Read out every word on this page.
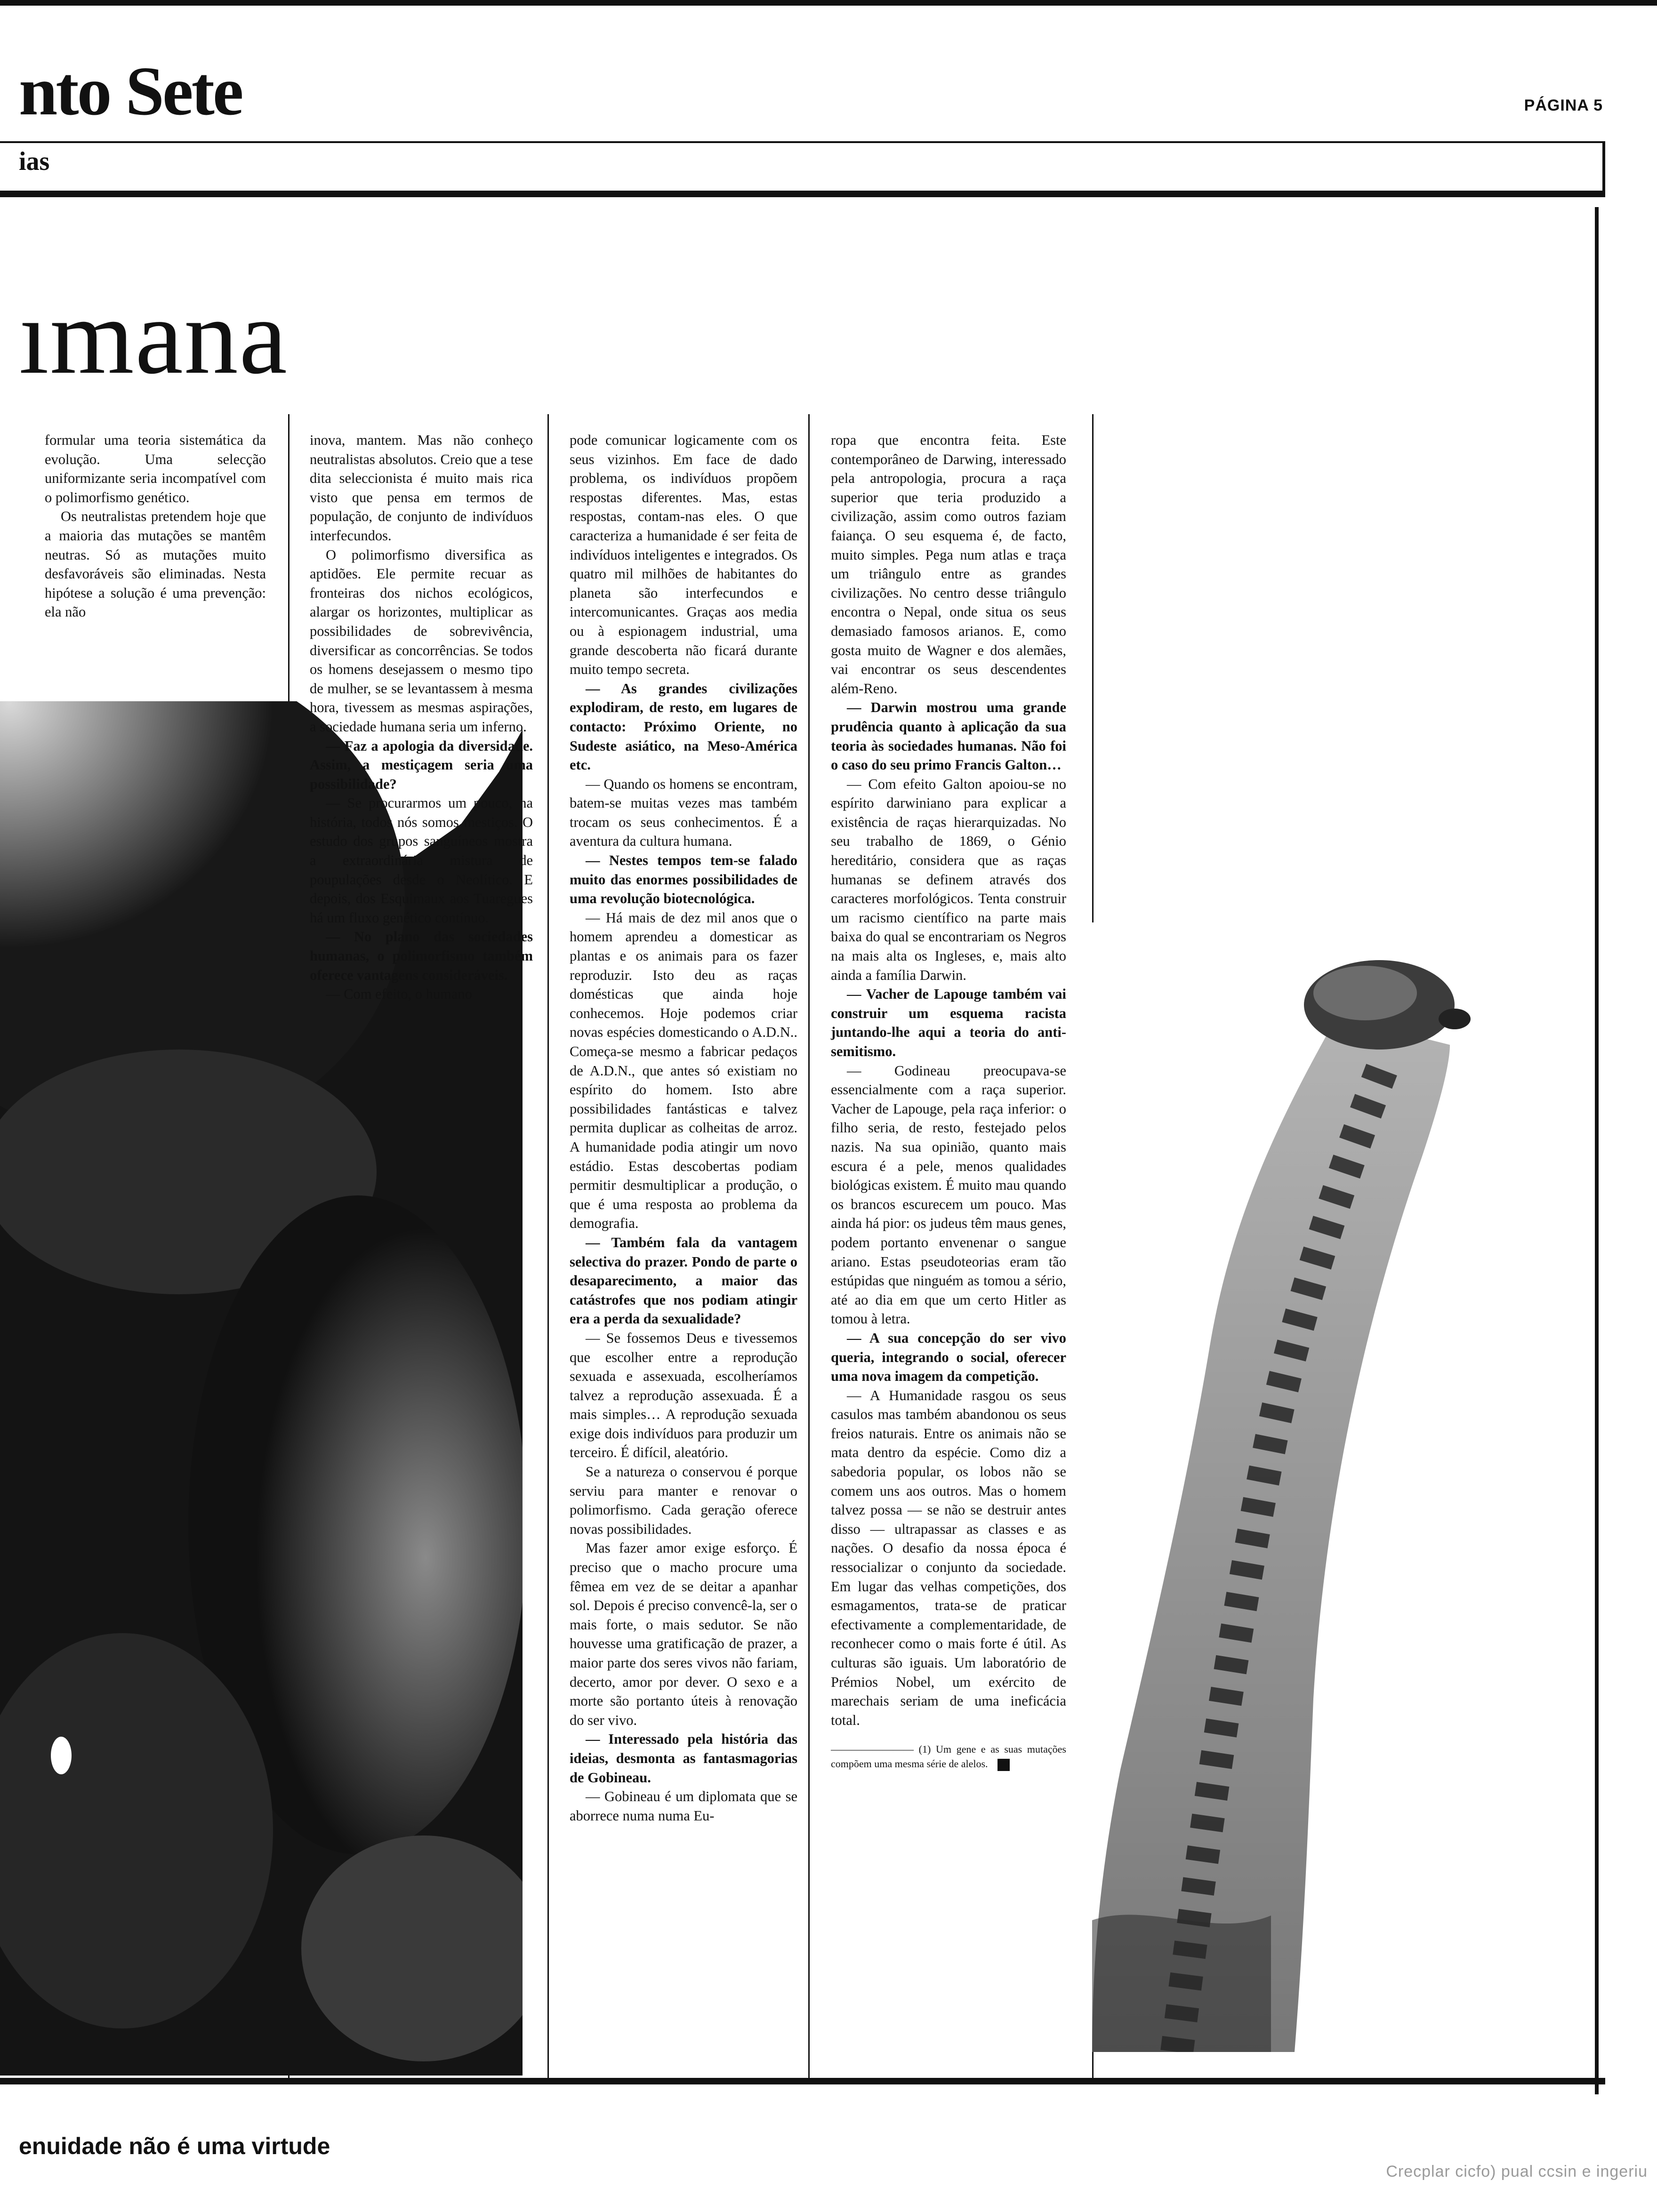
nto Sete	PÁGINA 5
ias
ımana

formular uma teoria sistemática da evolução. Uma selecção uniformizante seria incompatível com o polimorfismo genético.

Os neutralistas pretendem hoje que a maioria das mutações se mantêm neutras. Só as mutações muito desfavoráveis são eliminadas. Nesta hipótese a solução é uma prevenção: ela não

inova, mantem. Mas não conheço neutralistas absolutos. Creio que a tese dita seleccionista é muito mais rica visto que pensa em termos de população, de conjunto de indivíduos interfecundos.

O polimorfismo diversifica as aptidões. Ele permite recuar as fronteiras dos nichos ecológicos, alargar os horizontes, multiplicar as possibilidades de sobrevivência, diversificar as concorrências. Se todos os homens desejassem o mesmo tipo de mulher, se se levantassem à mesma hora, tivessem as mesmas aspirações, a sociedade humana seria um inferno.

— Faz a apologia da diversidade. Assim, a mestiçagem seria uma possibilidade?

— Se procurarmos um pouco, na história, todos nós somos mestiços. O estudo dos grupos sanguíneos mostra a extraordinária mistura de poupulações desde o Neolítico. E depois, dos Esquimaux aos Tuaregues há um fluxo genético contínuo.

— No plano das sociedades humanas, o polimorfismo também oferece vantagens consideráveis.

— Com efeito, o humano

pode comunicar logicamente com os seus vizinhos. Em face de dado problema, os indivíduos propõem respostas diferentes. Mas, estas respostas, contam-nas eles. O que caracteriza a humanidade é ser feita de indivíduos inteligentes e integrados. Os quatro mil milhões de habitantes do planeta são interfecundos e intercomunicantes. Graças aos media ou à espionagem industrial, uma grande descoberta não ficará durante muito tempo secreta.

— As grandes civilizações explodiram, de resto, em lugares de contacto: Próximo Oriente, no Sudeste asiático, na Meso-América etc.

— Quando os homens se encontram, batem-se muitas vezes mas também trocam os seus conhecimentos. É a aventura da cultura humana.

— Nestes tempos tem-se falado muito das enormes possibilidades de uma revolução biotecnológica.

— Há mais de dez mil anos que o homem aprendeu a domesticar as plantas e os animais para os fazer reproduzir. Isto deu as raças domésticas que ainda hoje conhecemos. Hoje podemos criar novas espécies domesticando o A.D.N.. Começa-se mesmo a fabricar pedaços de A.D.N., que antes só existiam no espírito do homem. Isto abre possibilidades fantásticas e talvez permita duplicar as colheitas de arroz. A humanidade podia atingir um novo estádio. Estas descobertas podiam permitir desmultiplicar a produção, o que é uma resposta ao problema da demografia.

— Também fala da vantagem selectiva do prazer. Pondo de parte o desaparecimento, a maior das catástrofes que nos podiam atingir era a perda da sexualidade?

— Se fossemos Deus e tivessemos que escolher entre a reprodução sexuada e assexuada, escolheríamos talvez a reprodução assexuada. É a mais simples… A reprodução sexuada exige dois indivíduos para produzir um terceiro. É difícil, aleatório.

Se a natureza o conservou é porque serviu para manter e renovar o polimorfismo. Cada geração oferece novas possibilidades.

Mas fazer amor exige esforço. É preciso que o macho procure uma fêmea em vez de se deitar a apanhar sol. Depois é preciso convencê-la, ser o mais forte, o mais sedutor. Se não houvesse uma gratificação de prazer, a maior parte dos seres vivos não fariam, decerto, amor por dever. O sexo e a morte são portanto úteis à renovação do ser vivo.

— Interessado pela história das ideias, desmonta as fantasmagorias de Gobineau.

— Gobineau é um diplomata que se aborrece numa numa Eu-

ropa que encontra feita. Este contemporâneo de Darwing, interessado pela antropologia, procura a raça superior que teria produzido a civilização, assim como outros faziam faiança. O seu esquema é, de facto, muito simples. Pega num atlas e traça um triângulo entre as grandes civilizações. No centro desse triângulo encontra o Nepal, onde situa os seus demasiado famosos arianos. E, como gosta muito de Wagner e dos alemães, vai encontrar os seus descendentes além-Reno.

— Darwin mostrou uma grande prudência quanto à aplicação da sua teoria às sociedades humanas. Não foi o caso do seu primo Francis Galton…

— Com efeito Galton apoiou-se no espírito darwiniano para explicar a existência de raças hierarquizadas. No seu trabalho de 1869, o Génio hereditário, considera que as raças humanas se definem através dos caracteres morfológicos. Tenta construir um racismo científico na parte mais baixa do qual se encontrariam os Negros na mais alta os Ingleses, e, mais alto ainda a família Darwin.

— Vacher de Lapouge também vai construir um esquema racista juntando-lhe aqui a teoria do anti-semitismo.

— Godineau preocupava-se essencialmente com a raça superior. Vacher de Lapouge, pela raça inferior: o filho seria, de resto, festejado pelos nazis. Na sua opinião, quanto mais escura é a pele, menos qualidades biológicas existem. É muito mau quando os brancos escurecem um pouco. Mas ainda há pior: os judeus têm maus genes, podem portanto envenenar o sangue ariano. Estas pseudoteorias eram tão estúpidas que ninguém as tomou a sério, até ao dia em que um certo Hitler as tomou à letra.

— A sua concepção do ser vivo queria, integrando o social, oferecer uma nova imagem da competição.

— A Humanidade rasgou os seus casulos mas também abandonou os seus freios naturais. Entre os animais não se mata dentro da espécie. Como diz a sabedoria popular, os lobos não se comem uns aos outros. Mas o homem talvez possa — se não se destruir antes disso — ultrapassar as classes e as nações. O desafio da nossa época é ressocializar o conjunto da sociedade. Em lugar das velhas competições, dos esmagamentos, trata-se de praticar efectivamente a complementaridade, de reconhecer como o mais forte é útil. As culturas são iguais. Um laboratório de Prémios Nobel, um exército de marechais seriam de uma ineficácia total.

———————— (1) Um gene e as suas mutações compõem uma mesma série de alelos.

enuidade não é uma virtude
Crecplar cicfo) pual ccsin e ingeriu
